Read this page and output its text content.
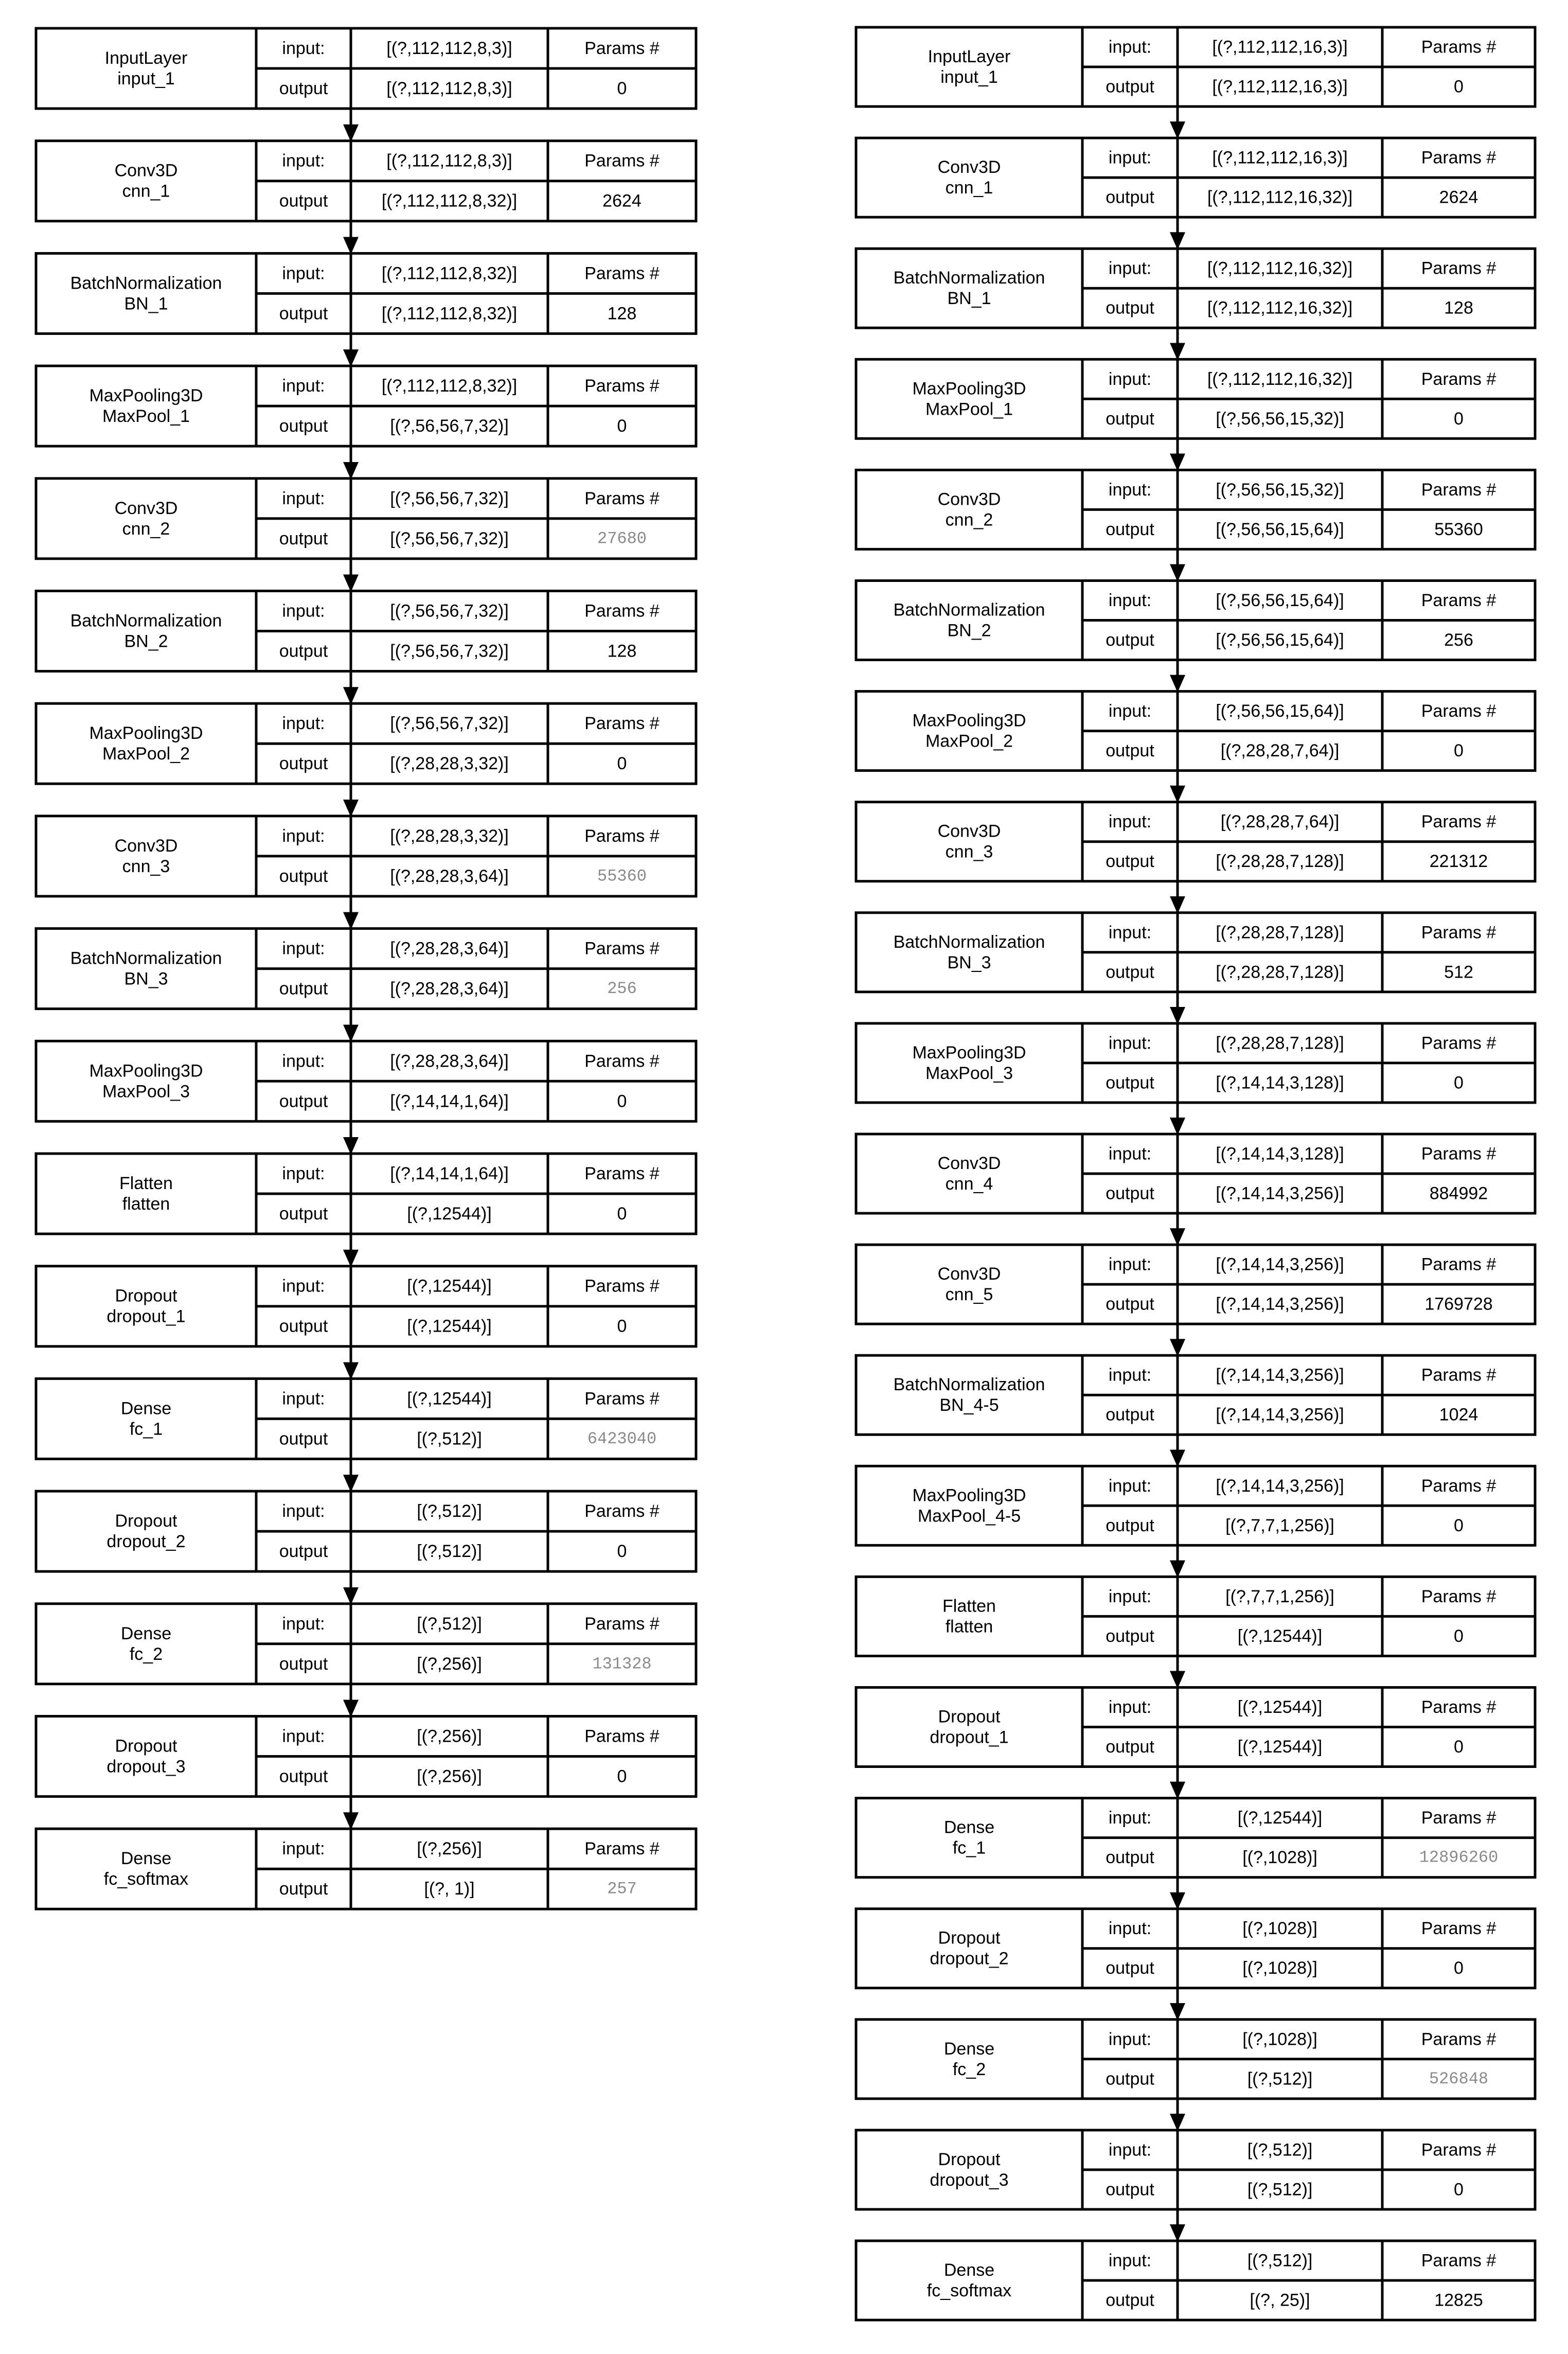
InputLayer
input_1
input:
output
[(?,112,112,8,3)]
[(?,112,112,8,3)]
Params #
0
Conv3D
cnn_1
input:
output
[(?,112,112,8,3)]
[(?,112,112,8,32)]
Params #
2624
BatchNormalization
BN_1
input:
output
[(?,112,112,8,32)]
[(?,112,112,8,32)]
Params #
128
MaxPooling3D
MaxPool_1
input:
output
[(?,112,112,8,32)]
[(?,56,56,7,32)]
Params #
0
Conv3D
cnn_2
input:
output
[(?,56,56,7,32)]
[(?,56,56,7,32)]
Params #
27680
BatchNormalization
BN_2
input:
output
[(?,56,56,7,32)]
[(?,56,56,7,32)]
Params #
128
MaxPooling3D
MaxPool_2
input:
output
[(?,56,56,7,32)]
[(?,28,28,3,32)]
Params #
0
Conv3D
cnn_3
input:
output
[(?,28,28,3,32)]
[(?,28,28,3,64)]
Params #
55360
BatchNormalization
BN_3
input:
output
[(?,28,28,3,64)]
[(?,28,28,3,64)]
Params #
256
MaxPooling3D
MaxPool_3
input:
output
[(?,28,28,3,64)]
[(?,14,14,1,64)]
Params #
0
Flatten
flatten
input:
output
[(?,14,14,1,64)]
[(?,12544)]
Params #
0
Dropout
dropout_1
input:
output
[(?,12544)]
[(?,12544)]
Params #
0
Dense
fc_1
input:
output
[(?,12544)]
[(?,512)]
Params #
6423040
Dropout
dropout_2
input:
output
[(?,512)]
[(?,512)]
Params #
0
Dense
fc_2
input:
output
[(?,512)]
[(?,256)]
Params #
131328
Dropout
dropout_3
input:
output
[(?,256)]
[(?,256)]
Params #
0
Dense
fc_softmax
input:
output
[(?,256)]
[(?, 1)]
Params #
257
InputLayer
input_1
input:
output
[(?,112,112,16,3)]
[(?,112,112,16,3)]
Params #
0
Conv3D
cnn_1
input:
output
[(?,112,112,16,3)]
[(?,112,112,16,32)]
Params #
2624
BatchNormalization
BN_1
input:
output
[(?,112,112,16,32)]
[(?,112,112,16,32)]
Params #
128
MaxPooling3D
MaxPool_1
input:
output
[(?,112,112,16,32)]
[(?,56,56,15,32)]
Params #
0
Conv3D
cnn_2
input:
output
[(?,56,56,15,32)]
[(?,56,56,15,64)]
Params #
55360
BatchNormalization
BN_2
input:
output
[(?,56,56,15,64)]
[(?,56,56,15,64)]
Params #
256
MaxPooling3D
MaxPool_2
input:
output
[(?,56,56,15,64)]
[(?,28,28,7,64)]
Params #
0
Conv3D
cnn_3
input:
output
[(?,28,28,7,64)]
[(?,28,28,7,128)]
Params #
221312
BatchNormalization
BN_3
input:
output
[(?,28,28,7,128)]
[(?,28,28,7,128)]
Params #
512
MaxPooling3D
MaxPool_3
input:
output
[(?,28,28,7,128)]
[(?,14,14,3,128)]
Params #
0
Conv3D
cnn_4
input:
output
[(?,14,14,3,128)]
[(?,14,14,3,256)]
Params #
884992
Conv3D
cnn_5
input:
output
[(?,14,14,3,256)]
[(?,14,14,3,256)]
Params #
1769728
BatchNormalization
BN_4-5
input:
output
[(?,14,14,3,256)]
[(?,14,14,3,256)]
Params #
1024
MaxPooling3D
MaxPool_4-5
input:
output
[(?,14,14,3,256)]
[(?,7,7,1,256)]
Params #
0
Flatten
flatten
input:
output
[(?,7,7,1,256)]
[(?,12544)]
Params #
0
Dropout
dropout_1
input:
output
[(?,12544)]
[(?,12544)]
Params #
0
Dense
fc_1
input:
output
[(?,12544)]
[(?,1028)]
Params #
12896260
Dropout
dropout_2
input:
output
[(?,1028)]
[(?,1028)]
Params #
0
Dense
fc_2
input:
output
[(?,1028)]
[(?,512)]
Params #
526848
Dropout
dropout_3
input:
output
[(?,512)]
[(?,512)]
Params #
0
Dense
fc_softmax
input:
output
[(?,512)]
[(?, 25)]
Params #
12825
